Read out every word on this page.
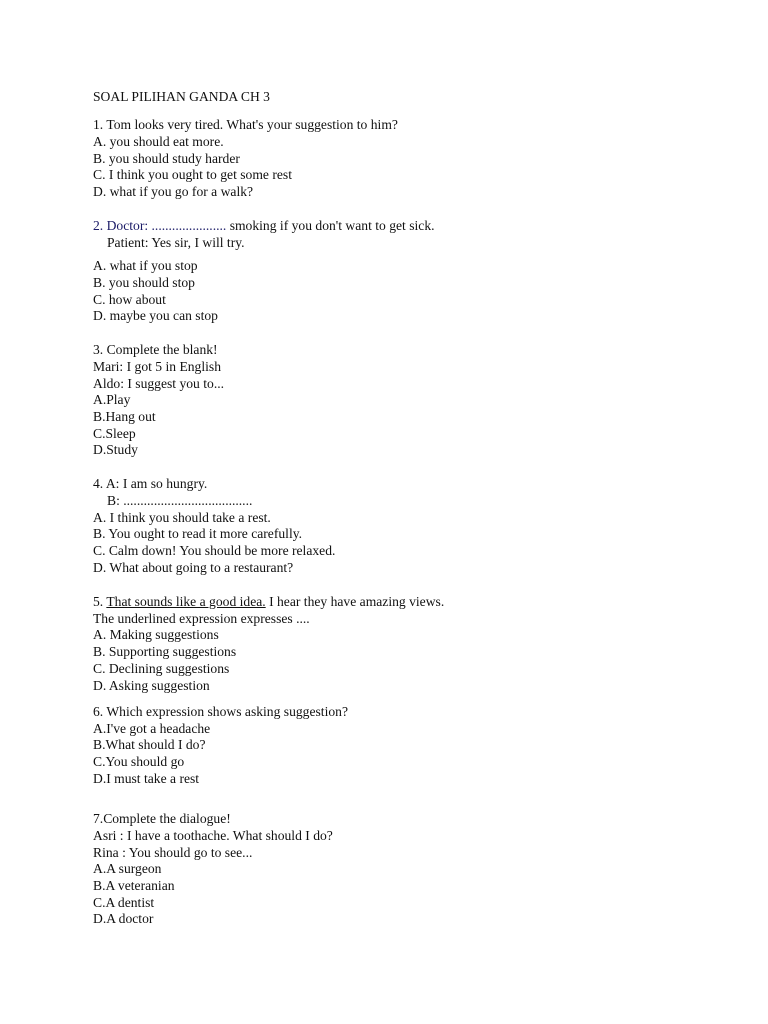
SOAL PILIHAN GANDA CH 3
1. Tom looks very tired. What's your suggestion to him?
A. you should eat more.
B. you should study harder
C. I think you ought to get some rest
D. what if you go for a walk?
2. Doctor: ...................... smoking if you don't want to get sick.
Patient: Yes sir, I will try.
A. what if you stop
B. you should stop
C. how about
D. maybe you can stop
3. Complete the blank!
Mari: I got 5 in English
Aldo: I suggest you to...
A.Play
B.Hang out
C.Sleep
D.Study
4. A: I am so hungry.
B: ......................................
A. I think you should take a rest.
B. You ought to read it more carefully.
C. Calm down! You should be more relaxed.
D. What about going to a restaurant?
5. That sounds like a good idea. I hear they have amazing views.
The underlined expression expresses ....
A. Making suggestions
B. Supporting suggestions
C. Declining suggestions
D. Asking suggestion
6. Which expression shows asking suggestion?
A.I've got a headache
B.What should I do?
C.You should go
D.I must take a rest
7.Complete the dialogue!
Asri : I have a toothache. What should I do?
Rina : You should go to see...
A.A surgeon
B.A veteranian
C.A dentist
D.A doctor
